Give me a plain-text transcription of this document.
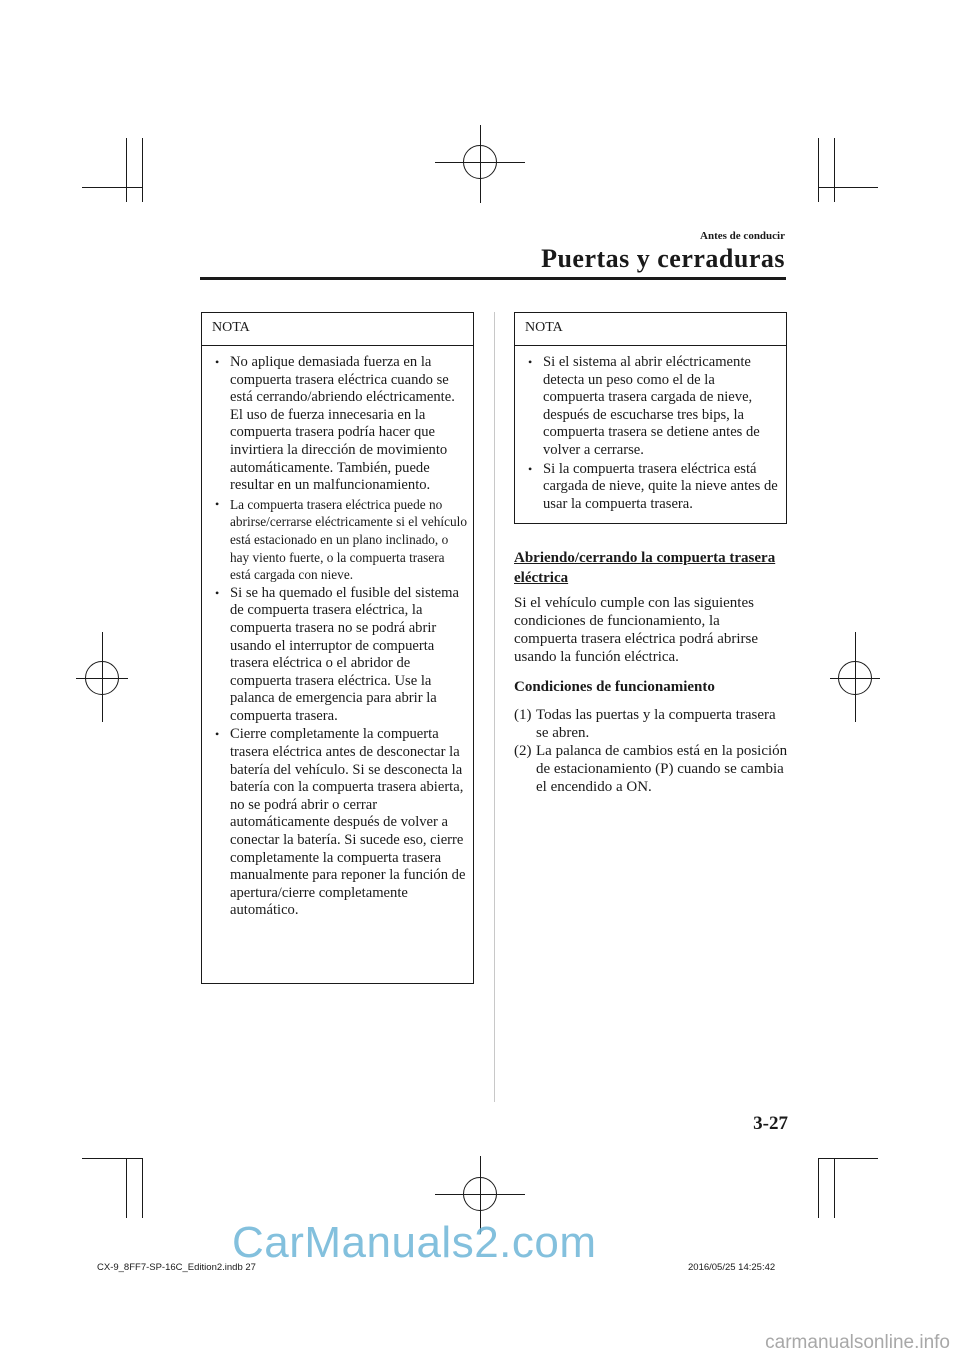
Antes de conducir
Puertas y cerraduras
NOTA
• No aplique demasiada fuerza en la compuerta trasera eléctrica cuando se está cerrando/abriendo eléctricamente. El uso de fuerza innecesaria en la compuerta trasera podría hacer que invirtiera la dirección de movimiento automáticamente. También, puede resultar en un malfuncionamiento.
• La compuerta trasera eléctrica puede no abrirse/cerrarse eléctricamente si el vehículo está estacionado en un plano inclinado, o hay viento fuerte, o la compuerta trasera está cargada con nieve.
• Si se ha quemado el fusible del sistema de compuerta trasera eléctrica, la compuerta trasera no se podrá abrir usando el interruptor de compuerta trasera eléctrica o el abridor de compuerta trasera eléctrica. Use la palanca de emergencia para abrir la compuerta trasera.
• Cierre completamente la compuerta trasera eléctrica antes de desconectar la batería del vehículo. Si se desconecta la batería con la compuerta trasera abierta, no se podrá abrir o cerrar automáticamente después de volver a conectar la batería. Si sucede eso, cierre completamente la compuerta trasera manualmente para reponer la función de apertura/cierre completamente automático.
NOTA
• Si el sistema al abrir eléctricamente detecta un peso como el de la compuerta trasera cargada de nieve, después de escucharse tres bips, la compuerta trasera se detiene antes de volver a cerrarse.
• Si la compuerta trasera eléctrica está cargada de nieve, quite la nieve antes de usar la compuerta trasera.
Abriendo/cerrando la compuerta trasera eléctrica
Si el vehículo cumple con las siguientes condiciones de funcionamiento, la compuerta trasera eléctrica podrá abrirse usando la función eléctrica.
Condiciones de funcionamiento
(1) Todas las puertas y la compuerta trasera se abren.
(2) La palanca de cambios está en la posición de estacionamiento (P) cuando se cambia el encendido a ON.
3-27
CarManuals2.com
CX-9_8FF7-SP-16C_Edition2.indb 27	2016/05/25 14:25:42
carmanualsonline.info
